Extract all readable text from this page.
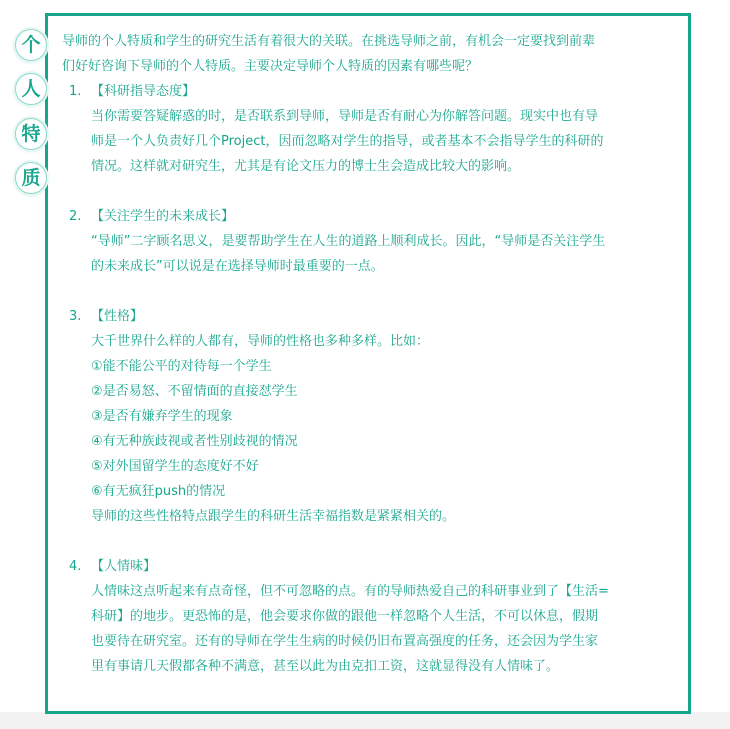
导师的个人特质和学生的研究生活有着很大的关联。在挑选导师之前，有机会一定要找到前辈
们好好咨询下导师的个人特质。主要决定导师个人特质的因素有哪些呢？
1. 【科研指导态度】
当你需要答疑解惑的时，是否联系到导师，导师是否有耐心为你解答问题。现实中也有导
师是一个人负责好几个Project，因而忽略对学生的指导，或者基本不会指导学生的科研的
情况。这样就对研究生，尤其是有论文压力的博士生会造成比较大的影响。
2. 【关注学生的未来成长】
“导师”二字顾名思义，是要帮助学生在人生的道路上顺利成长。因此，“导师是否关注学生
的未来成长”可以说是在选择导师时最重要的一点。
3. 【性格】
大千世界什么样的人都有，导师的性格也多种多样。比如：
①能不能公平的对待每一个学生
②是否易怒、不留情面的直接怼学生
③是否有嫌弃学生的现象
④有无种族歧视或者性别歧视的情况
⑤对外国留学生的态度好不好
⑥有无疯狂push的情况
导师的这些性格特点跟学生的科研生活幸福指数是紧紧相关的。
4. 【人情味】
人情味这点听起来有点奇怪，但不可忽略的点。有的导师热爱自己的科研事业到了【生活=
科研】的地步。更恐怖的是，他会要求你做的跟他一样忽略个人生活，不可以休息，假期
也要待在研究室。还有的导师在学生生病的时候仍旧布置高强度的任务，还会因为学生家
里有事请几天假都各种不满意，甚至以此为由克扣工资，这就显得没有人情味了。
个
人
特
质
